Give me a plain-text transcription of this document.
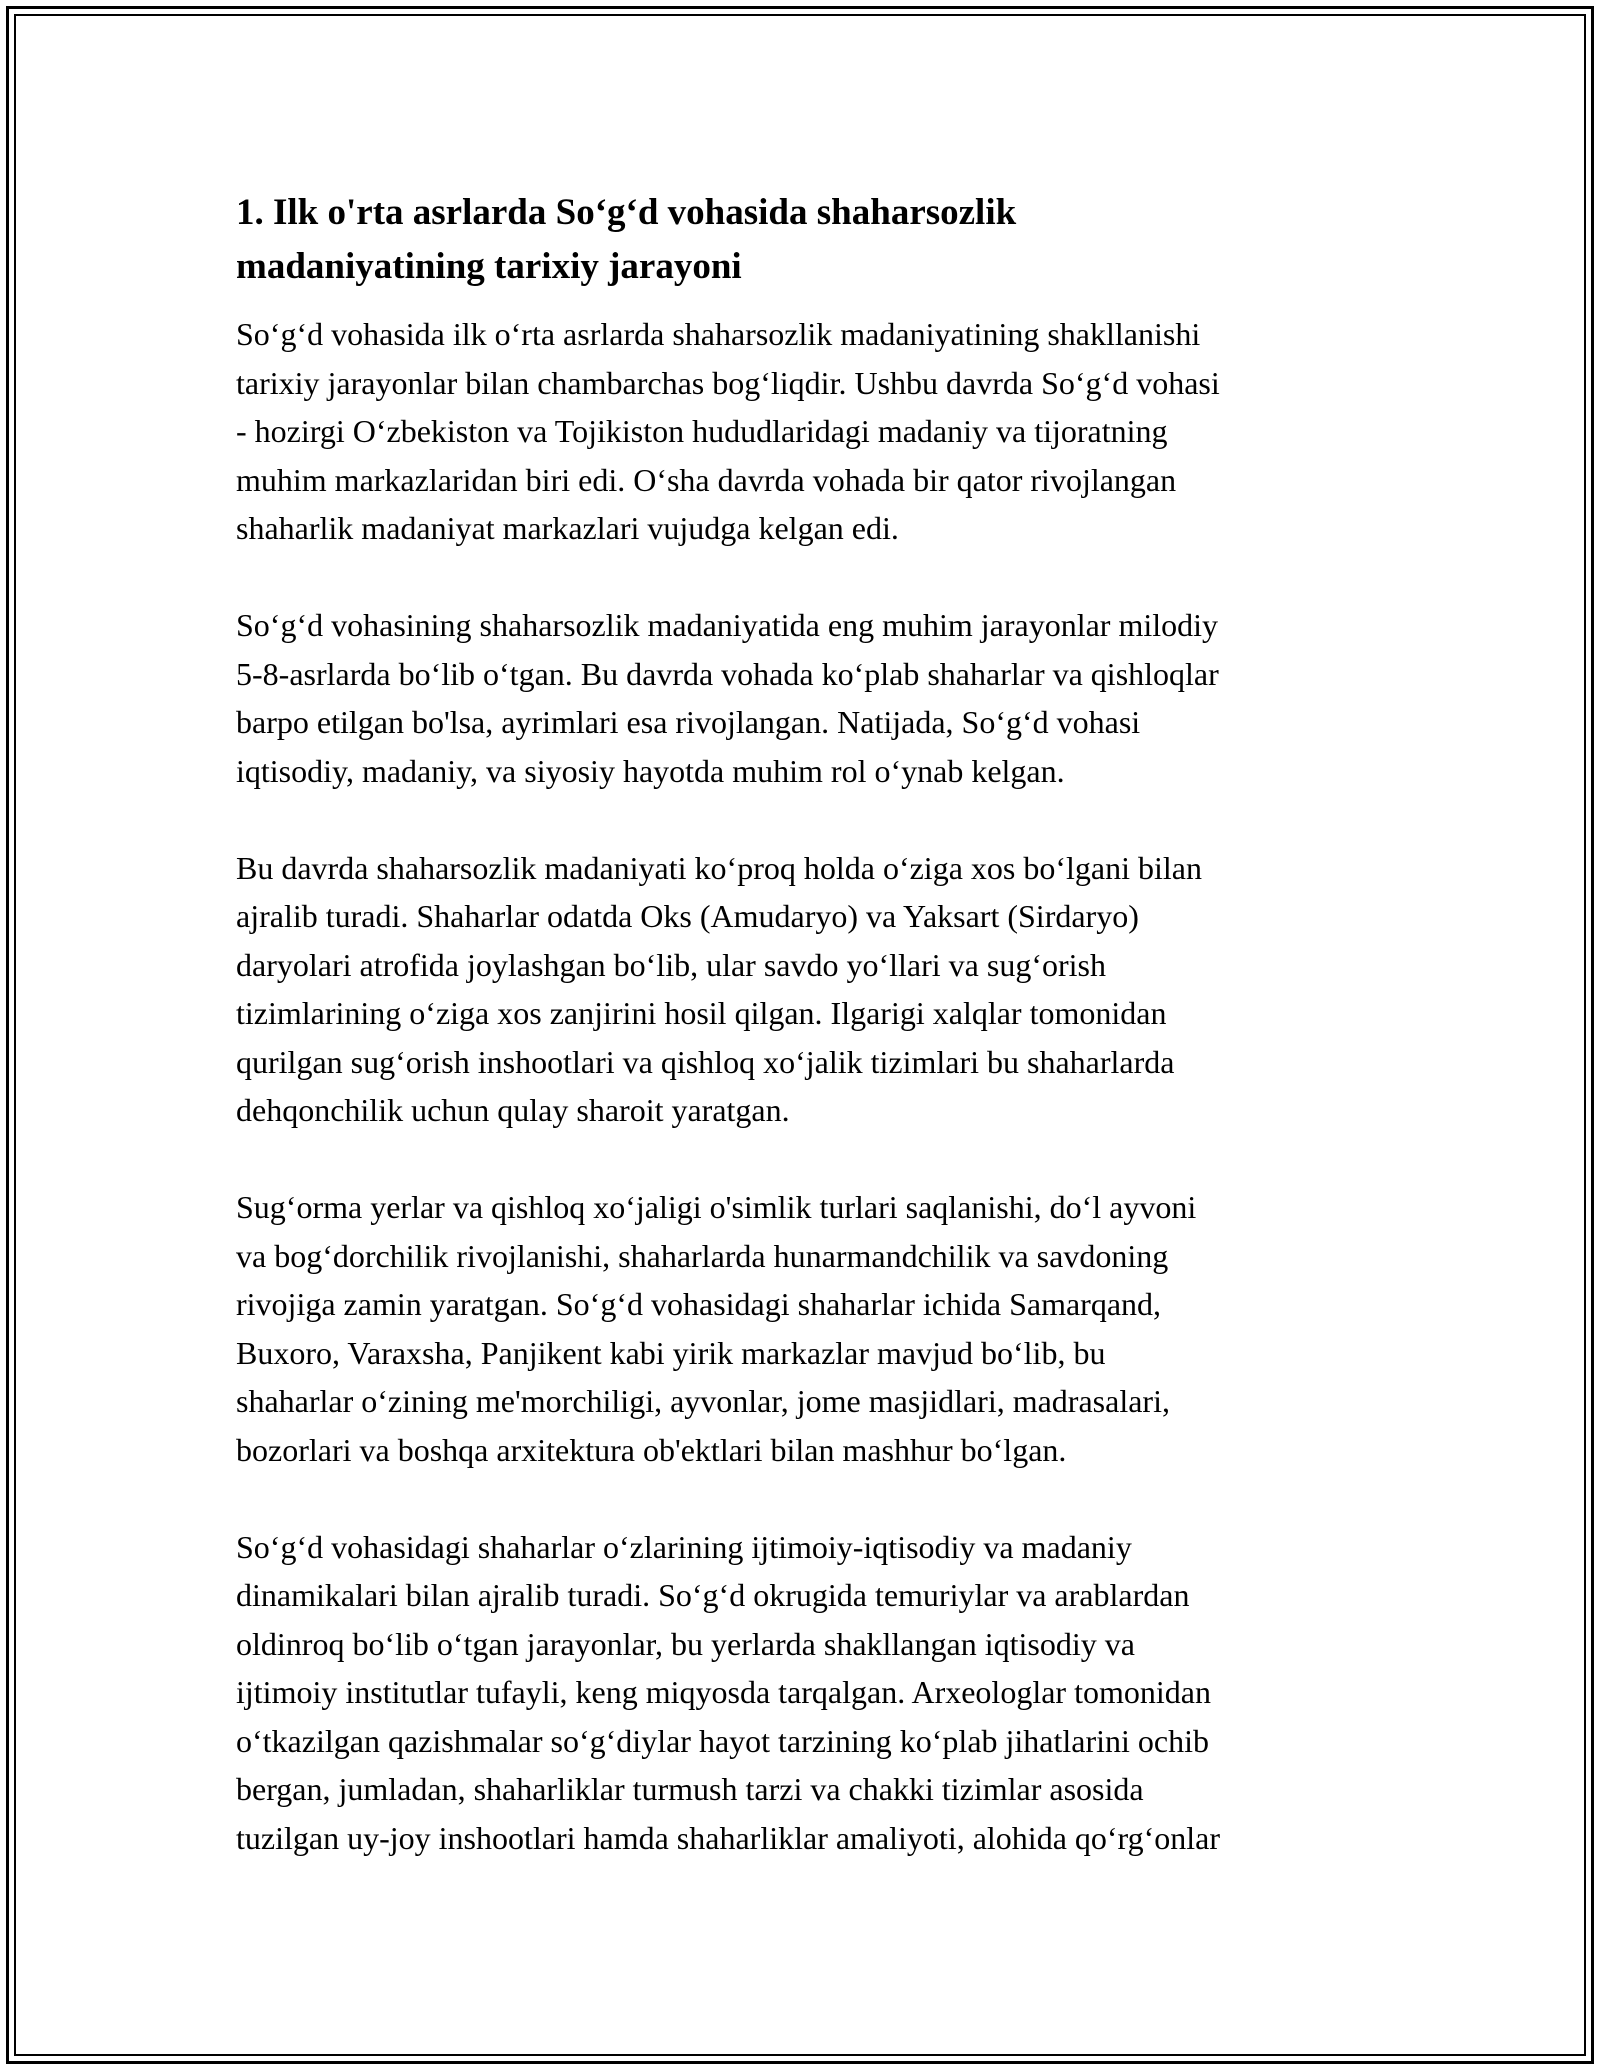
1. Ilk o'rta asrlarda So‘g‘d vohasida shaharsozlik
madaniyatining tarixiy jarayoni

So‘g‘d vohasida ilk o‘rta asrlarda shaharsozlik madaniyatining shakllanishi
tarixiy jarayonlar bilan chambarchas bog‘liqdir. Ushbu davrda So‘g‘d vohasi
- hozirgi O‘zbekiston va Tojikiston hududlaridagi madaniy va tijoratning
muhim markazlaridan biri edi. O‘sha davrda vohada bir qator rivojlangan
shaharlik madaniyat markazlari vujudga kelgan edi.

So‘g‘d vohasining shaharsozlik madaniyatida eng muhim jarayonlar milodiy
5-8-asrlarda bo‘lib o‘tgan. Bu davrda vohada ko‘plab shaharlar va qishloqlar
barpo etilgan bo'lsa, ayrimlari esa rivojlangan. Natijada, So‘g‘d vohasi
iqtisodiy, madaniy, va siyosiy hayotda muhim rol o‘ynab kelgan.

Bu davrda shaharsozlik madaniyati ko‘proq holda o‘ziga xos bo‘lgani bilan
ajralib turadi. Shaharlar odatda Oks (Amudaryo) va Yaksart (Sirdaryo)
daryolari atrofida joylashgan bo‘lib, ular savdo yo‘llari va sug‘orish
tizimlarining o‘ziga xos zanjirini hosil qilgan. Ilgarigi xalqlar tomonidan
qurilgan sug‘orish inshootlari va qishloq xo‘jalik tizimlari bu shaharlarda
dehqonchilik uchun qulay sharoit yaratgan.

Sug‘orma yerlar va qishloq xo‘jaligi o'simlik turlari saqlanishi, do‘l ayvoni
va bog‘dorchilik rivojlanishi, shaharlarda hunarmandchilik va savdoning
rivojiga zamin yaratgan. So‘g‘d vohasidagi shaharlar ichida Samarqand,
Buxoro, Varaxsha, Panjikent kabi yirik markazlar mavjud bo‘lib, bu
shaharlar o‘zining me'morchiligi, ayvonlar, jome masjidlari, madrasalari,
bozorlari va boshqa arxitektura ob'ektlari bilan mashhur bo‘lgan.

So‘g‘d vohasidagi shaharlar o‘zlarining ijtimoiy-iqtisodiy va madaniy
dinamikalari bilan ajralib turadi. So‘g‘d okrugida temuriylar va arablardan
oldinroq bo‘lib o‘tgan jarayonlar, bu yerlarda shakllangan iqtisodiy va
ijtimoiy institutlar tufayli, keng miqyosda tarqalgan. Arxeologlar tomonidan
o‘tkazilgan qazishmalar so‘g‘diylar hayot tarzining ko‘plab jihatlarini ochib
bergan, jumladan, shaharliklar turmush tarzi va chakki tizimlar asosida
tuzilgan uy-joy inshootlari hamda shaharliklar amaliyoti, alohida qo‘rg‘onlar
